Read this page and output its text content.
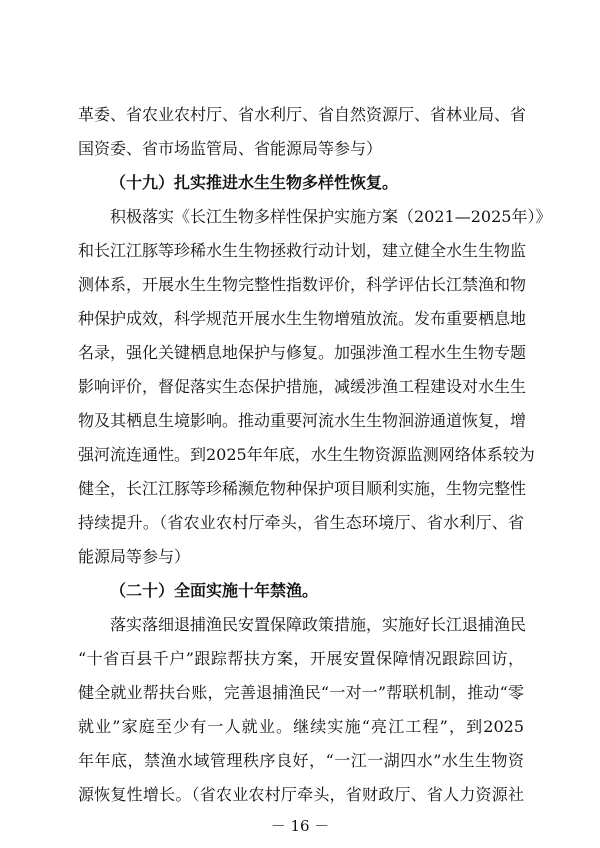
革委、省农业农村厅、省水利厅、省自然资源厅、省林业局、省
国资委、省市场监管局、省能源局等参与）
（十九）扎实推进水生生物多样性恢复。
积极落实《长江生物多样性保护实施方案（2021—2025年）》
和长江江豚等珍稀水生生物拯救行动计划，建立健全水生生物监
测体系，开展水生生物完整性指数评价，科学评估长江禁渔和物
种保护成效，科学规范开展水生生物增殖放流。发布重要栖息地
名录，强化关键栖息地保护与修复。加强涉渔工程水生生物专题
影响评价，督促落实生态保护措施，减缓涉渔工程建设对水生生
物及其栖息生境影响。推动重要河流水生生物洄游通道恢复，增
强河流连通性。到2025年年底，水生生物资源监测网络体系较为
健全，长江江豚等珍稀濒危物种保护项目顺利实施，生物完整性
持续提升。（省农业农村厅牵头，省生态环境厅、省水利厅、省
能源局等参与）
（二十）全面实施十年禁渔。
落实落细退捕渔民安置保障政策措施，实施好长江退捕渔民
“十省百县千户”跟踪帮扶方案，开展安置保障情况跟踪回访，
健全就业帮扶台账，完善退捕渔民“一对一”帮联机制，推动“零
就业”家庭至少有一人就业。继续实施“亮江工程”，到2025
年年底，禁渔水域管理秩序良好，“一江一湖四水”水生生物资
源恢复性增长。（省农业农村厅牵头，省财政厅、省人力资源社
－ 16 －
